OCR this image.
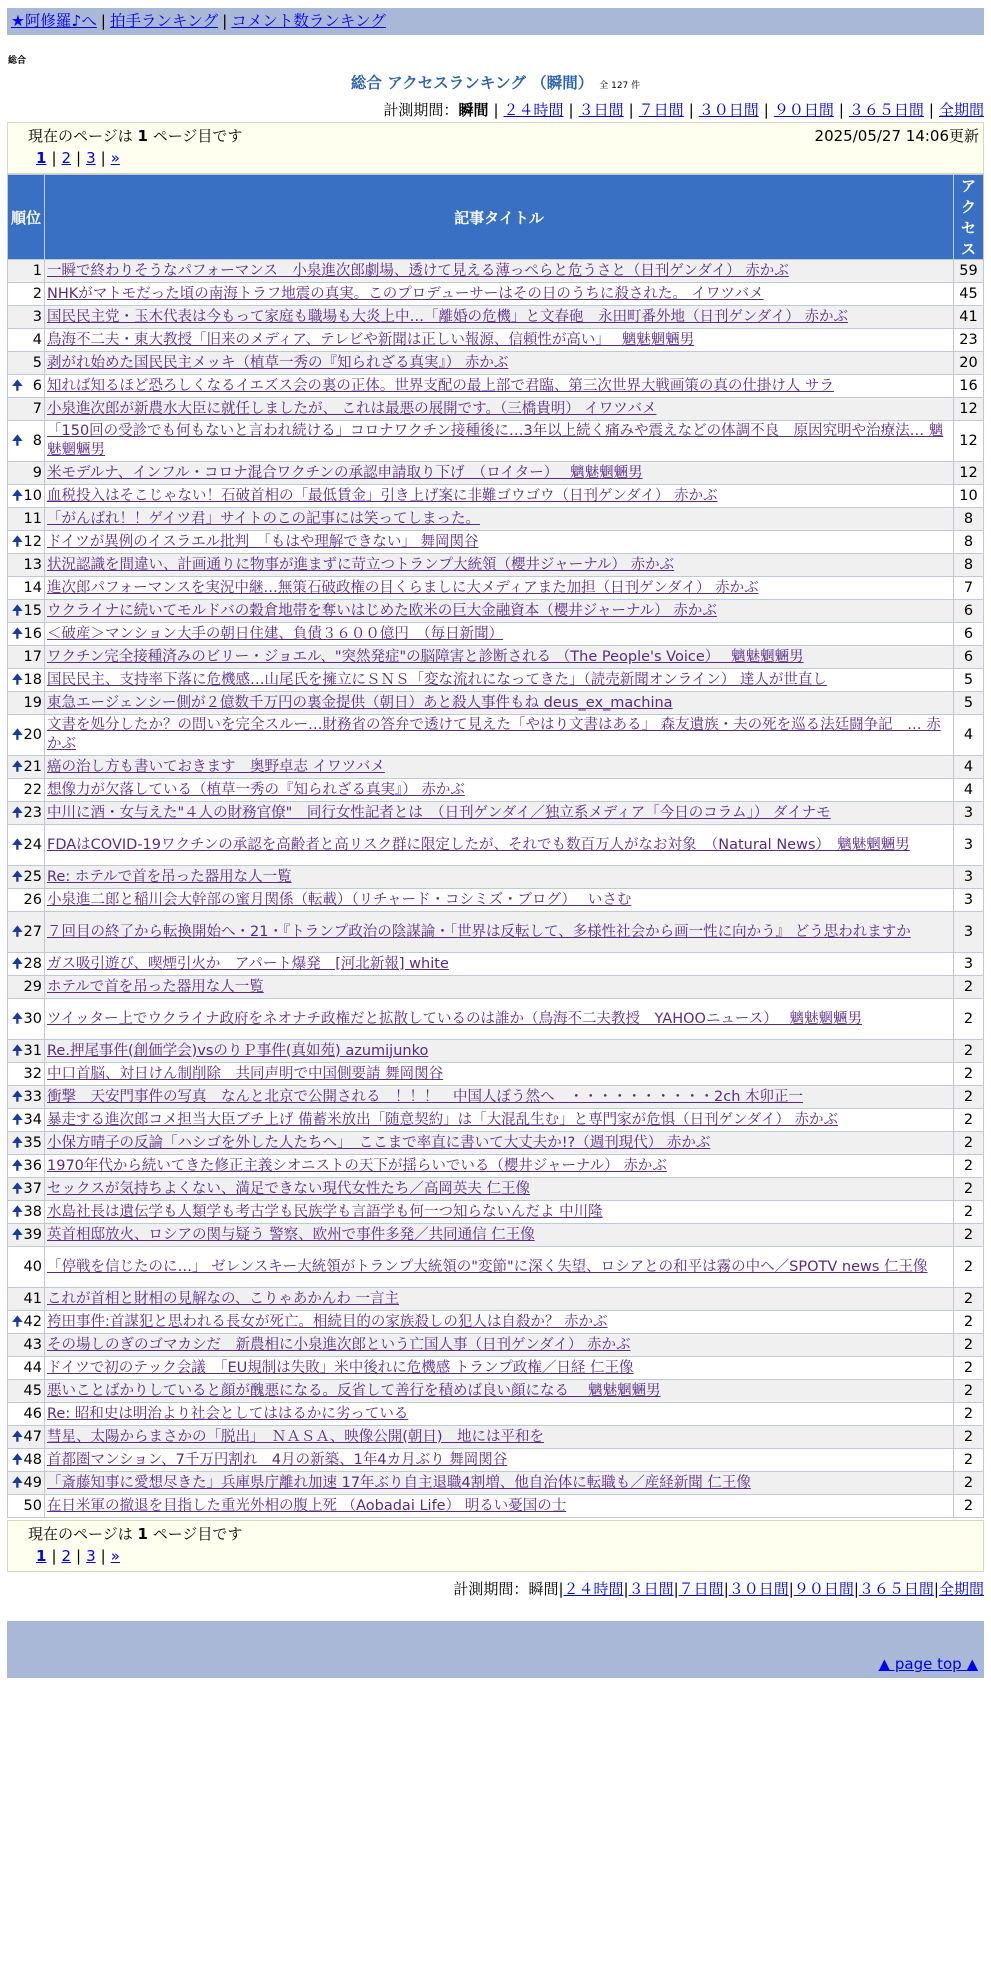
★阿修羅♪へ | 拍手ランキング | コメント数ランキング
総合
総合 アクセスランキング （瞬間） 全 127 件
計測期間：瞬間 | ２４時間 | ３日間 | ７日間 | ３０日間 | ９０日間 | ３６５日間 | 全期間
現在のページは 1 ページ目です	2025/05/27 14:06更新
1 | 2 | 3 | »
順位	記事タイトル	アクセス
1	一瞬で終わりそうなパフォーマンス　小泉進次郎劇場、透けて見える薄っぺらと危うさと（日刊ゲンダイ） 赤かぶ	59
2	NHKがマトモだった頃の南海トラフ地震の真実。このプロデューサーはその日のうちに殺された。 イワツバメ	45
3	国民民主党・玉木代表は今もって家庭も職場も大炎上中…「離婚の危機」と文春砲　永田町番外地（日刊ゲンダイ） 赤かぶ	41
4	鳥海不二夫・東大教授「旧来のメディア、テレビや新聞は正しい報源、信頼性が高い」　 魑魅魍魎男	23
5	剥がれ始めた国民民主メッキ（植草一秀の『知られざる真実』） 赤かぶ	20

🠉 6	知れば知るほど恐ろしくなるイエズス会の裏の正体。世界支配の最上部で君臨、第三次世界大戦画策の真の仕掛け人 サラ	16
7	小泉進次郎が新農水大臣に就任しましたが、 これは最悪の展開です。（三橋貴明） イワツバメ	12

🠉 8	「150回の受診でも何もないと言われ続ける」コロナワクチン接種後に…3年以上続く痛みや震えなどの体調不良　原因究明や治療法… 魑魅魍魎男	12
9	米モデルナ、インフル・コロナ混合ワクチンの承認申請取り下げ　（ロイター）　 魑魅魍魎男	12

🠉 10	血税投入はそこじゃない！石破首相の「最低賃金」引き上げ案に非難ゴウゴウ（日刊ゲンダイ） 赤かぶ	10
11	「がんばれ！！ゲイツ君」サイトのこの記事には笑ってしまった。	8

🠉 12	ドイツが異例のイスラエル批判　「もはや理解できない」 舞岡関谷	8
13	状況認識を間違い、計画通りに物事が進まずに苛立つトランプ大統領（櫻井ジャーナル） 赤かぶ	8
14	進次郎パフォーマンスを実況中継…無策石破政権の目くらましに大メディアまた加担（日刊ゲンダイ） 赤かぶ	7

🠉 15	ウクライナに続いてモルドバの穀倉地帯を奪いはじめた欧米の巨大金融資本（櫻井ジャーナル） 赤かぶ	6

🠉 16	＜破産＞マンション大手の朝日住建、負債３６００億円　（毎日新聞）	6
17	ワクチン完全接種済みのビリー・ジョエル、"突然発症"の脳障害と診断される （The People's Voice）　 魑魅魍魎男	6

🠉 18	国民民主、支持率下落に危機感…山尾氏を擁立にＳＮＳ「変な流れになってきた」（読売新聞オンライン） 達人が世直し	5
19	東急エージェンシー側が２億数千万円の裏金提供（朝日）あと殺人事件もね deus_ex_machina	5

🠉 20	文書を処分したか？の問いを完全スルー…財務省の答弁で透けて見えた「やはり文書はある」 森友遺族・夫の死を巡る法廷闘争記　… 赤かぶ	4

🠉 21	癌の治し方も書いておきます　奥野卓志 イワツバメ	4
22	想像力が欠落している（植草一秀の『知られざる真実』） 赤かぶ	4

🠉 23	中川に酒・女与えた"４人の財務官僚"　同行女性記者とは　（日刊ゲンダイ／独立系メディア「今日のコラム」） ダイナモ	3

🠉 24	FDAはCOVID-19ワクチンの承認を高齢者と高リスク群に限定したが、それでも数百万人がなお対象　（Natural News）　魑魅魍魎男	3

🠉 25	Re: ホテルで首を吊った器用な人一覧	3
26	小泉進二郎と稲川会大幹部の蜜月関係（転載）（リチャード・コシミズ・ブログ）　 いさむ	3

🠉 27	７回目の終了から転換開始へ・21・『トランプ政治の陰謀論・「世界は反転して、多様性社会から画一性に向かう』 どう思われますか	3

🠉 28	ガス吸引遊び、喫煙引火か　アパート爆発　[河北新報] white	3
29	ホテルで首を吊った器用な人一覧	2

🠉 30	ツイッター上でウクライナ政府をネオナチ政権だと拡散しているのは誰か（鳥海不二夫教授　YAHOOニュース）　 魑魅魍魎男	2

🠉 31	Re.押尾事件(創価学会)vsのりＰ事件(真如苑) azumijunko	2
32	中口首脳、対日けん制削除　共同声明で中国側要請 舞岡関谷	2

🠉 33	衝撃　天安門事件の写真　なんと北京で公開される　！！！　中国人ぼう然へ　・・・・・・・・・・2ch 木卯正一	2

🠉 34	暴走する進次郎コメ担当大臣ブチ上げ 備蓄米放出「随意契約」は「大混乱生む」と専門家が危惧（日刊ゲンダイ） 赤かぶ	2

🠉 35	小保方晴子の反論「ハシゴを外した人たちへ」　ここまで率直に書いて大丈夫か!?（週刊現代） 赤かぶ	2

🠉 36	1970年代から続いてきた修正主義シオニストの天下が揺らいでいる（櫻井ジャーナル） 赤かぶ	2

🠉 37	セックスが気持ちよくない、満足できない現代女性たち／高岡英夫 仁王像	2

🠉 38	水島社長は遺伝学も人類学も考古学も民族学も言語学も何一つ知らないんだよ 中川隆	2

🠉 39	英首相邸放火、ロシアの関与疑う 警察、欧州で事件多発／共同通信 仁王像	2
40	「停戦を信じたのに…」 ゼレンスキー大統領がトランプ大統領の"変節"に深く失望、ロシアとの和平は霧の中へ／SPOTV news 仁王像	2
41	これが首相と財相の見解なの、こりゃあかんわ 一言主	2

🠉 42	袴田事件:首謀犯と思われる長女が死亡。相続目的の家族殺しの犯人は自殺か？ 赤かぶ	2
43	その場しのぎのゴマカシだ　新農相に小泉進次郎という亡国人事（日刊ゲンダイ） 赤かぶ	2
44	ドイツで初のテック会議　「EU規制は失敗」米中後れに危機感 トランプ政権／日経 仁王像	2
45	悪いことばかりしていると顔が醜悪になる。反省して善行を積めば良い顔になる　 魑魅魍魎男	2
46	Re: 昭和史は明治より社会としてははるかに劣っている	2

🠉 47	彗星、太陽からまさかの「脱出」　ＮＡＳＡ、映像公開(朝日)　地には平和を	2

🠉 48	首都圏マンション、7千万円割れ　4月の新築、1年4カ月ぶり 舞岡関谷	2

🠉 49	「斎藤知事に愛想尽きた」兵庫県庁離れ加速 17年ぶり自主退職4割増、他自治体に転職も／産経新聞 仁王像	2
50	在日米軍の撤退を目指した重光外相の腹上死 （Aobadai Life） 明るい憂国の士	2
現在のページは 1 ページ目です
1 | 2 | 3 | »
計測期間：瞬間|２４時間|３日間|７日間|３０日間|９０日間|３６５日間|全期間
▲ page top ▲
